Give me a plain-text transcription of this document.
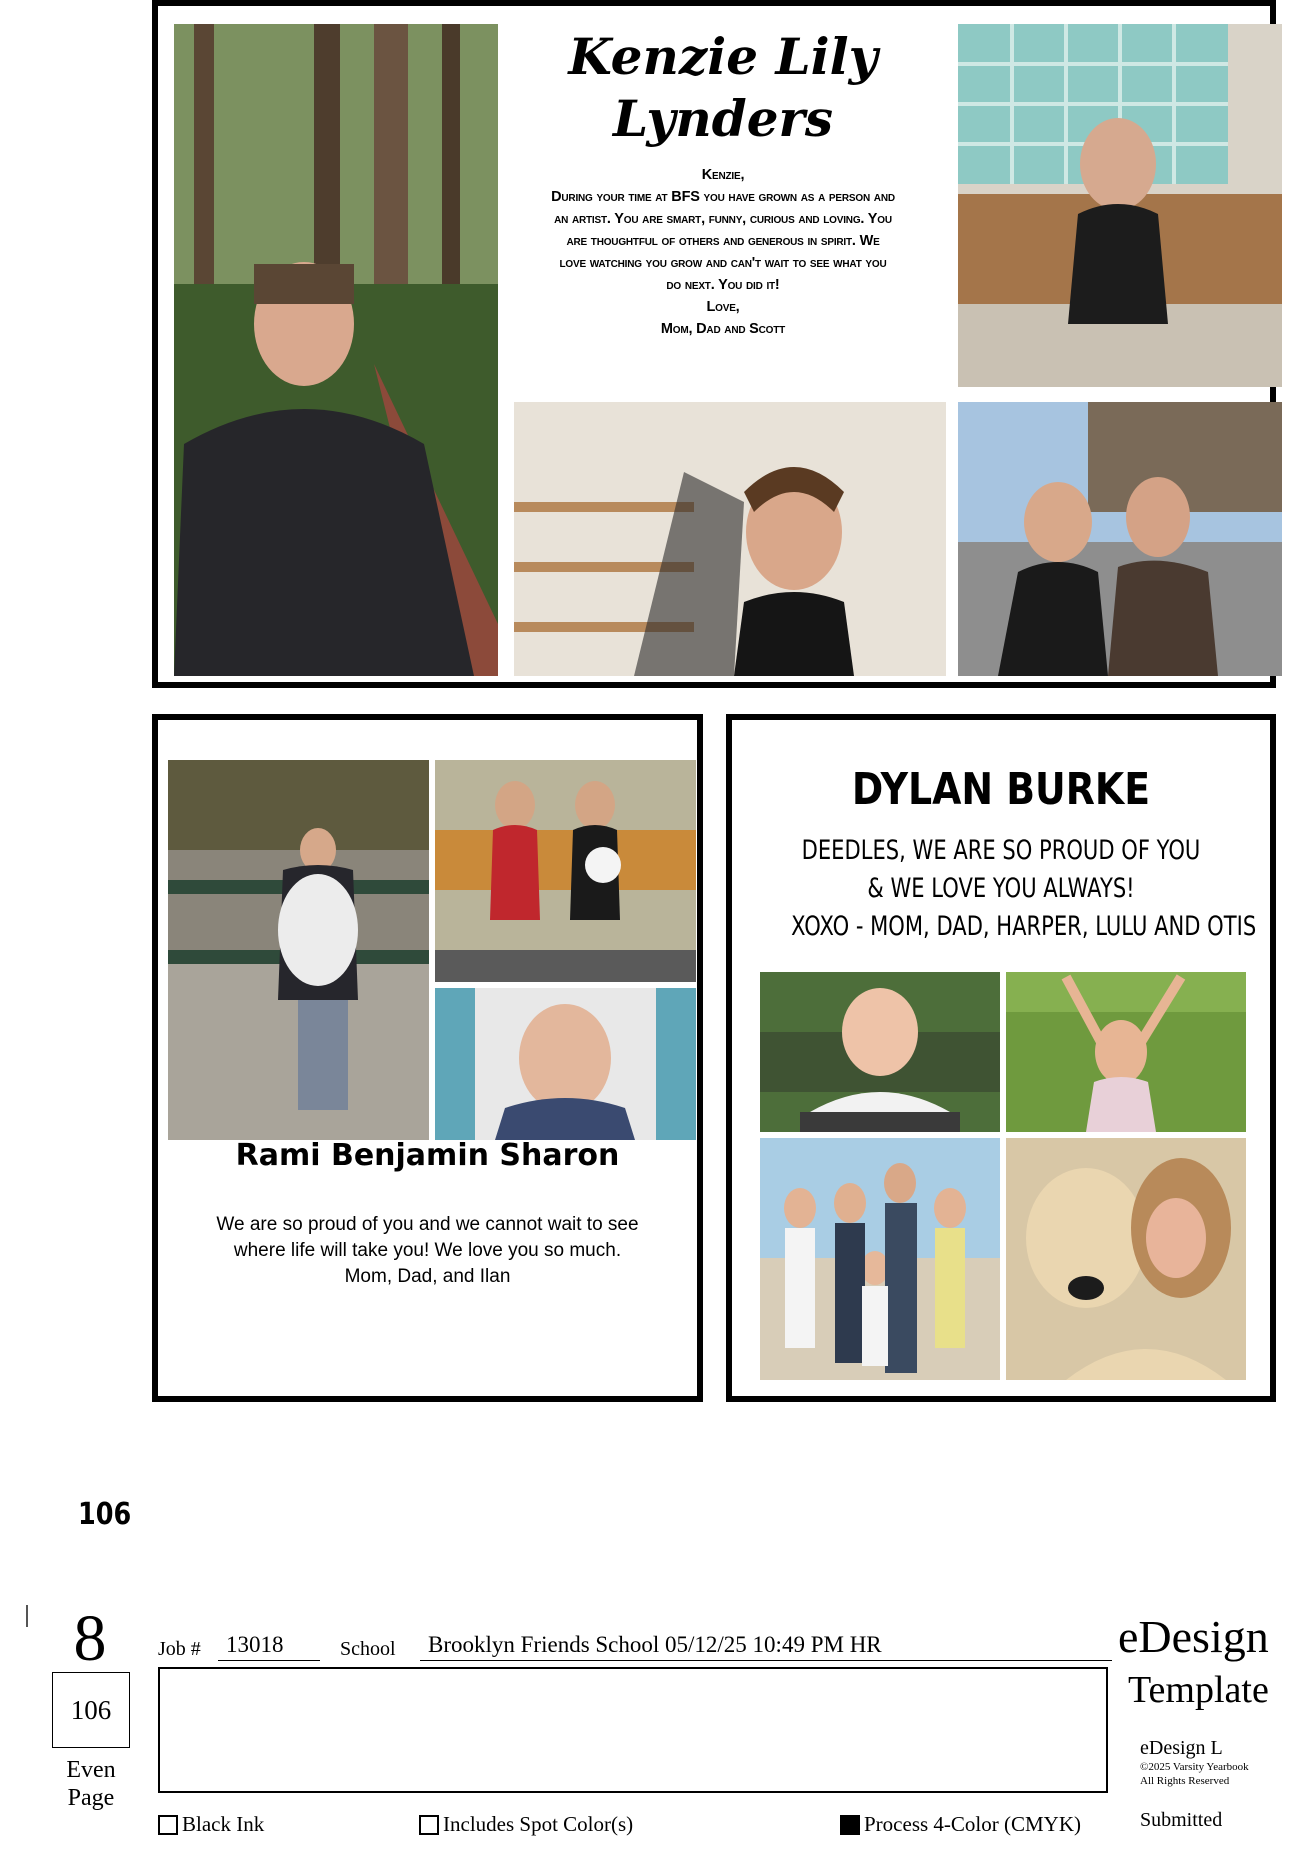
Kenzie Lily
Lynders
Kenzie,
During your time at BFS you have grown as a person and
an artist. You are smart, funny, curious and loving. You
are thoughtful of others and generous in spirit. We
love watching you grow and can't wait to see what you
do next. You did it!
Love,
Mom, Dad and Scott
Rami Benjamin Sharon
We are so proud of you and we cannot wait to see
where life will take you! We love you so much.
Mom, Dad, and Ilan
DYLAN BURKE
DEEDLES, WE ARE SO PROUD OF YOU
& WE LOVE YOU ALWAYS!
XOXO - MOM, DAD, HARPER, LULU AND OTIS
106
8
106
Even
Page
Job # 13018	School Brooklyn Friends School 05/12/25 10:49 PM HR
Black Ink	Includes Spot Color(s)	Process 4-Color (CMYK)
eDesign
Template
eDesign L
©2025 Varsity Yearbook
All Rights Reserved
Submitted
